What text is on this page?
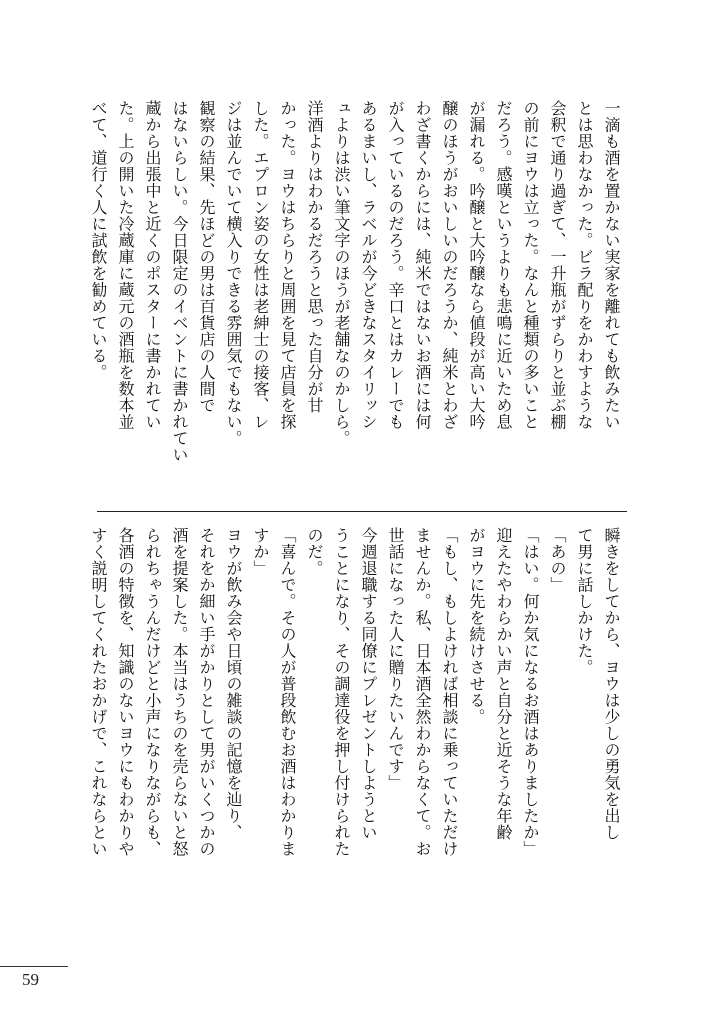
一滴も酒を置かない実家を離れても飲みたい
とは思わなかった。ビラ配りをかわすような
会釈で通り過ぎて、一升瓶がずらりと並ぶ棚
の前にヨウは立った。なんと種類の多いこと
だろう。感嘆というよりも悲鳴に近いため息
が漏れる。吟醸と大吟醸なら値段が高い大吟
醸のほうがおいしいのだろうか、純米とわざ
わざ書くからには、純米ではないお酒には何
が入っているのだろう。辛口とはカレーでも
あるまいし、ラベルが今どきなスタイリッシ
ュよりは渋い筆文字のほうが老舗なのかしら。
洋酒よりはわかるだろうと思った自分が甘
かった。ヨウはちらりと周囲を見て店員を探
した。エプロン姿の女性は老紳士の接客、レ
ジは並んでいて横入りできる雰囲気でもない。
観察の結果、先ほどの男は百貨店の人間で
はないらしい。今日限定のイベントに書かれてい
蔵から出張中と近くのポスターに書かれてい
た。上の開いた冷蔵庫に蔵元の酒瓶を数本並
べて、道行く人に試飲を勧めている。
瞬きをしてから、ヨウは少しの勇気を出し
て男に話しかけた。
「あの」
「はい。何か気になるお酒はありましたか」
迎えたやわらかい声と自分と近そうな年齢
がヨウに先を続けさせる。
「もし、もしよければ相談に乗っていただけ
ませんか。私、日本酒全然わからなくて。お
世話になった人に贈りたいんです」
今週退職する同僚にプレゼントしようとい
うことになり、その調達役を押し付けられた
のだ。
「喜んで。その人が普段飲むお酒はわかりま
すか」
ヨウが飲み会や日頃の雑談の記憶を辿り、
それをか細い手がかりとして男がいくつかの
酒を提案した。本当はうちのを売らないと怒
られちゃうんだけどと小声になりながらも、
各酒の特徴を、知識のないヨウにもわかりや
すく説明してくれたおかげで、これならとい
59
